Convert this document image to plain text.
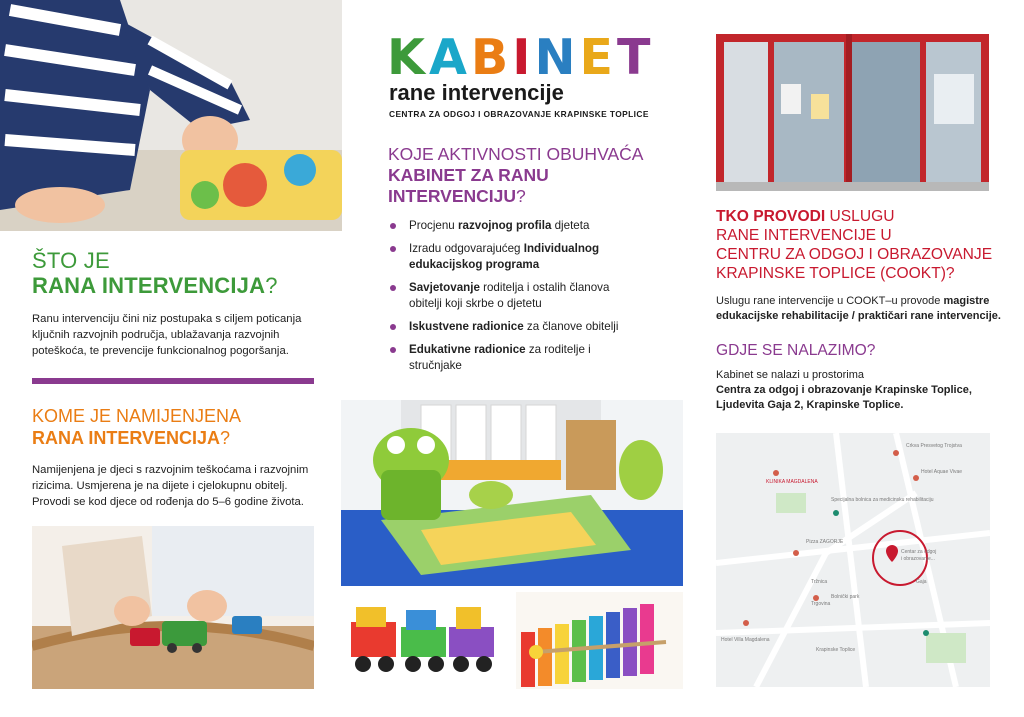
ŠTO JE
RANA INTERVENCIJA?
Ranu intervenciju čini niz postupaka s ciljem poticanja ključnih razvojnih područja, ublažavanja razvojnih poteškoća, te prevencije funkcionalnog pogoršanja.
KOME JE NAMIJENJENA
RANA INTERVENCIJA?
Namijenjena je djeci s razvojnim teškoćama i razvojnim rizicima. Usmjerena je na dijete i cjelokupnu obitelj. Provodi se kod djece od rođenja do 5–6 godine života.
KABINET
rane intervencije
CENTRA ZA ODGOJ I OBRAZOVANJE KRAPINSKE TOPLICE
KOJE AKTIVNOSTI OBUHVAĆA
KABINET ZA RANU
INTERVENCIJU?
Procjenu razvojnog profila djeteta
Izradu odgovarajućeg Individualnog edukacijskog programa
Savjetovanje roditelja i ostalih članova obitelji koji skrbe o djetetu
Iskustvene radionice za članove obitelji
Edukativne radionice za roditelje i stručnjake
TKO PROVODI USLUGU
RANE INTERVENCIJE U
CENTRU ZA ODGOJ I OBRAZOVANJE
KRAPINSKE TOPLICE (COOKT)?
Uslugu rane intervencije u COOKT–u provode magistre edukacijske rehabilitacije / praktičari rane intervencije.
GDJE SE NALAZIMO?
Kabinet se nalazi u prostorima
Centra za odgoj i obrazovanje Krapinske Toplice,
Ljudevita Gaja 2, Krapinske Toplice.
Centar za odgoj
i obrazovanje...
Crkva Presvetog Trojstva
KLINIKA MAGDALENA
Specijalna bolnica za medicinsku rehabilitaciju
Pizza ZAGORJE
Tržnica
Trgovina
Hotel Villa Magdalena
Krapinske Toplice
Bolnički park
Gaja
Hotel Aquae Vivae
